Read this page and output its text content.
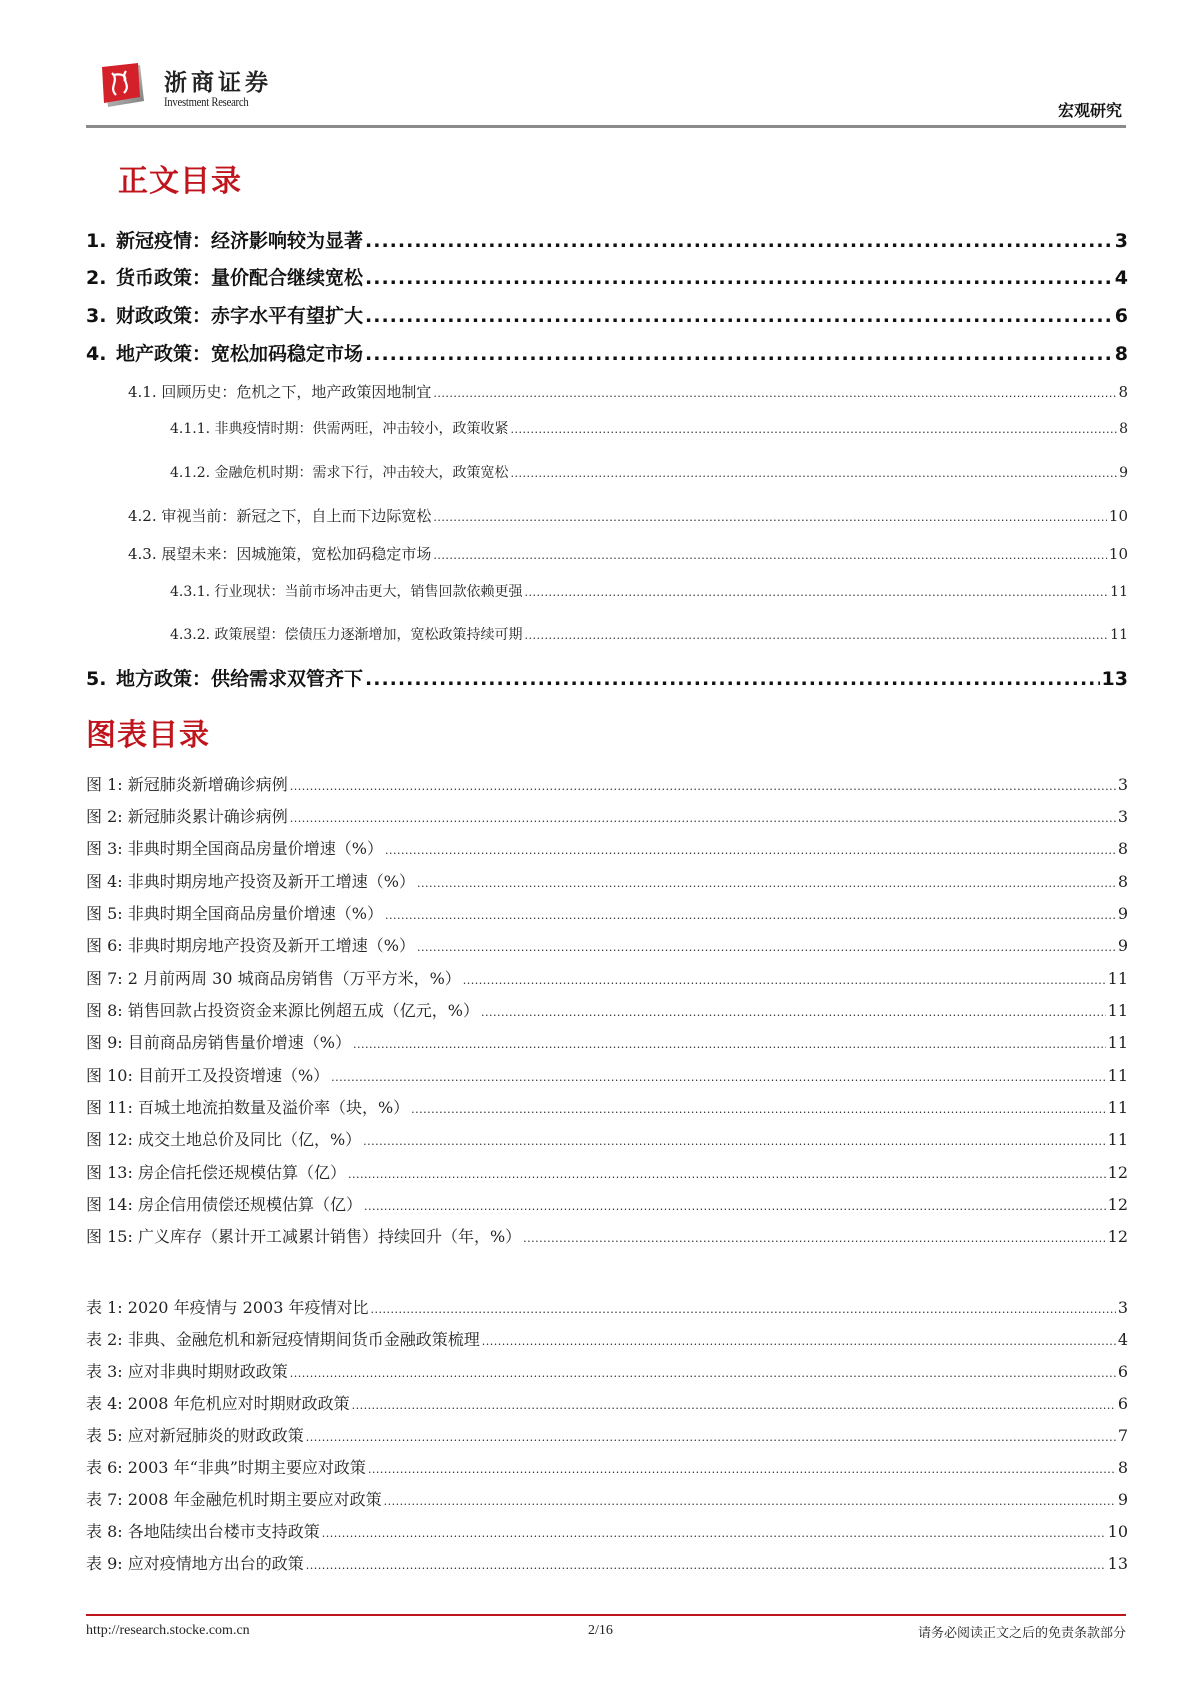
浙商证券
Investment Research	宏观研究
正文目录
1. 新冠疫情：经济影响较为显著 .....	3
2. 货币政策：量价配合继续宽松 .....	4
3. 财政政策：赤字水平有望扩大 .....	6
4. 地产政策：宽松加码稳定市场 .....	8
4.1. 回顾历史：危机之下，地产政策因地制宜 .....	8
4.1.1. 非典疫情时期：供需两旺，冲击较小，政策收紧 .....	8
4.1.2. 金融危机时期：需求下行，冲击较大，政策宽松 .....	9
4.2. 审视当前：新冠之下，自上而下边际宽松 .....	10
4.3. 展望未来：因城施策，宽松加码稳定市场 .....	10
4.3.1. 行业现状：当前市场冲击更大，销售回款依赖更强 .....	11
4.3.2. 政策展望：偿债压力逐渐增加，宽松政策持续可期 .....	11
5. 地方政策：供给需求双管齐下 .....	13
图表目录
图 1: 新冠肺炎新增确诊病例 .....	3
图 2: 新冠肺炎累计确诊病例 .....	3
图 3: 非典时期全国商品房量价增速（%） .....	8
图 4: 非典时期房地产投资及新开工增速（%） .....	8
图 5: 非典时期全国商品房量价增速（%） .....	9
图 6: 非典时期房地产投资及新开工增速（%） .....	9
图 7: 2 月前两周 30 城商品房销售（万平方米，%） .....	11
图 8: 销售回款占投资资金来源比例超五成（亿元，%） .....	11
图 9: 目前商品房销售量价增速（%） .....	11
图 10: 目前开工及投资增速（%） .....	11
图 11: 百城土地流拍数量及溢价率（块，%） .....	11
图 12: 成交土地总价及同比（亿，%） .....	11
图 13: 房企信托偿还规模估算（亿） .....	12
图 14: 房企信用债偿还规模估算（亿） .....	12
图 15: 广义库存（累计开工减累计销售）持续回升（年，%） .....	12
表 1: 2020 年疫情与 2003 年疫情对比 .....	3
表 2: 非典、金融危机和新冠疫情期间货币金融政策梳理 .....	4
表 3: 应对非典时期财政政策 .....	6
表 4: 2008 年危机应对时期财政政策 .....	6
表 5: 应对新冠肺炎的财政政策 .....	7
表 6: 2003 年“非典”时期主要应对政策 .....	8
表 7: 2008 年金融危机时期主要应对政策 .....	9
表 8: 各地陆续出台楼市支持政策 .....	10
表 9: 应对疫情地方出台的政策 .....	13
http://research.stocke.com.cn	2/16	请务必阅读正文之后的免责条款部分
